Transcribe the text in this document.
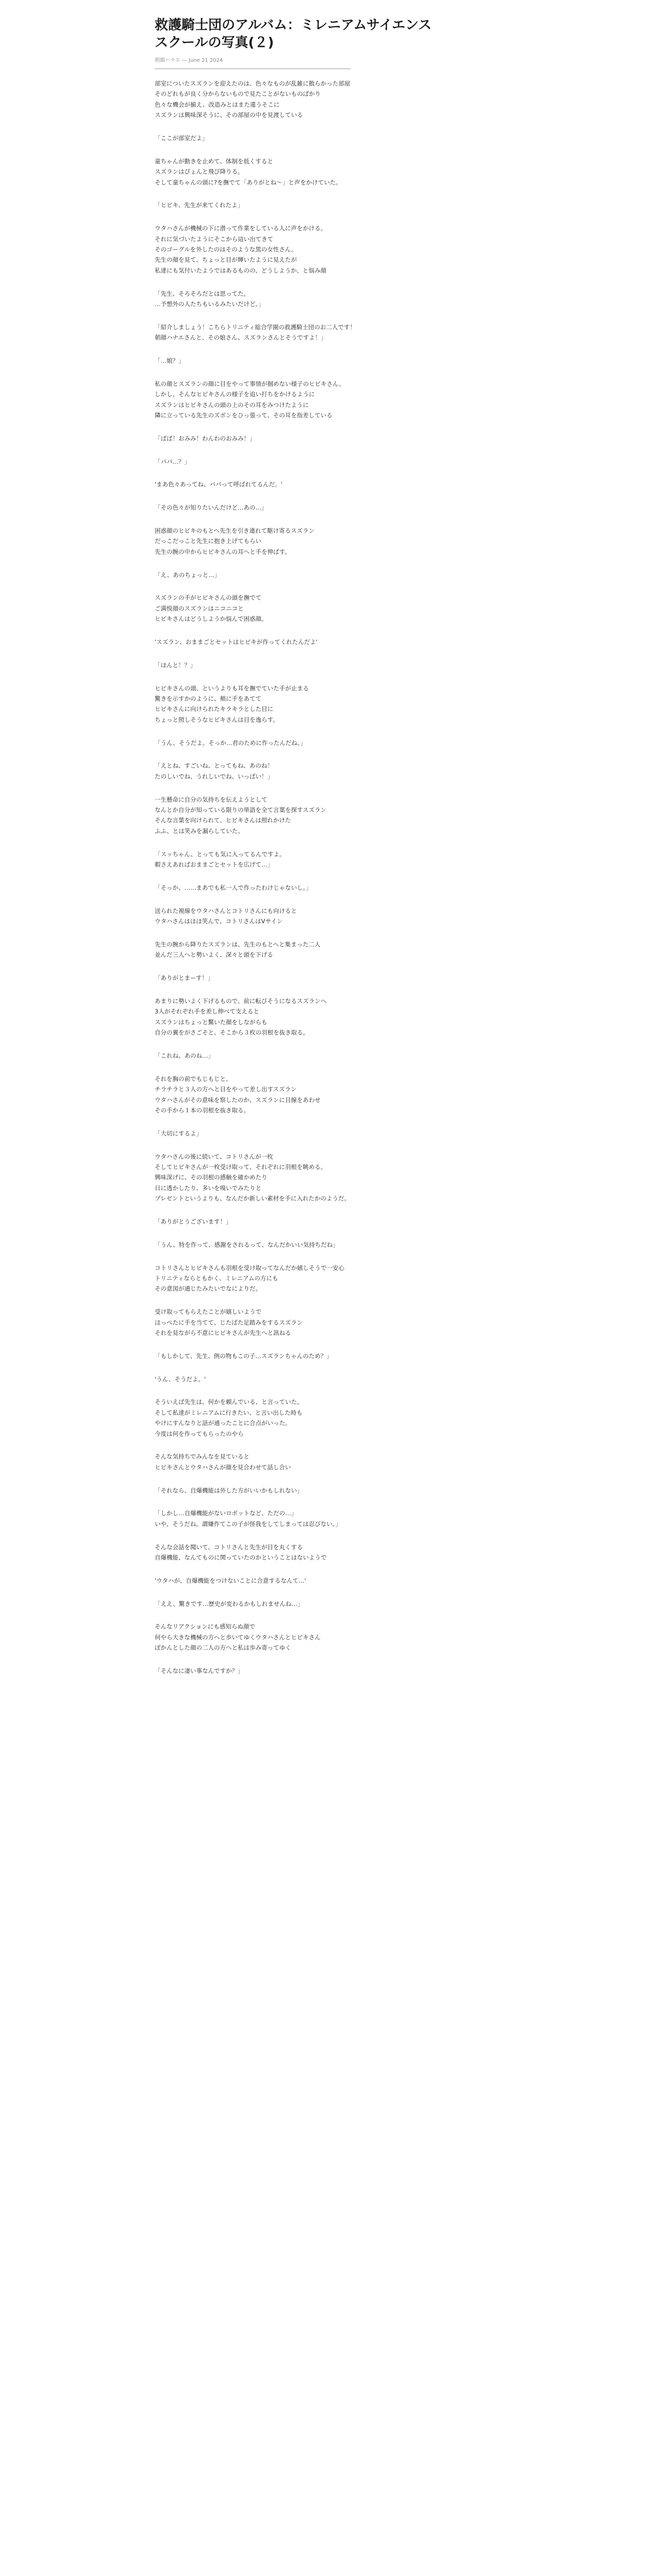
救護騎士団のアルバム：ミレニアムサイエンス
スクールの写真(２)
朝顔ハナエ — June 21 2024
部室についたスズランを迎えたのは、色々なものが乱雑に散らかった部屋
そのどれもが良く分からないもので見たことがないものばかり
色々な機会が揃え、改造みとはまた違うそこに
スズランは興味深そうに、その部屋の中を見渡している
「ここが部室だよ」
童ちゃんが動きを止めて、体制を低くすると
スズランはぴょんと飛び降りる。
そして童ちゃんの頭に?を撫でて「ありがとね～」と声をかけていた。
「ヒビキ、先生が来てくれたよ」
ウタハさんが機械の下に潜って作業をしている人に声をかける。
それに気づいたようにそこから這い出てきて
そのゴーグルを外したのはそのような黒の女性さん。
先生の顔を見て、ちょっと目が輝いたように見えたが
私達にも気付いたようではあるものの、どうしようか、と悩み顔
「先生、そろそろだとは思ってた。
…予想外の人たちもいるみたいだけど。」
「紹介しましょう！こちらトリニティ総合学園の救護騎士団のお二人です！
朝顔ハナエさんと、その娘さん、スズランさんとそうですよ！」
「…娘？」
私の顔とスズランの顔に目をやって事情が掴めない様子のヒビキさん。
しかし、そんなヒビキさんの様子を追い打ちをかけるように
スズランはヒビキさんの頭の上のその耳をみつけたように
隣に立っている先生のズボンをひっ張って、その耳を指差している
「ぱぱ！おみみ！わんわのおみみ！」
「パパ…？」
'まあ色々あってね、パパって呼ばれてるんだ。'
「その色々が知りたいんだけど…あの…」
困惑顔のヒビキのもとへ先生を引き連れて駆け寄るスズラン
だっこだっこと先生に抱き上げてもらい
先生の腕の中からヒビキさんの耳へと手を伸ばす。
「え、あのちょっと…」
スズランの手がヒビキさんの頭を撫でて
ご満悦顔のスズランはニコニコと
ヒビキさんはどうしようか悩んで困惑顔。
'スズラン、おままごとセットはヒビキが作ってくれたんだよ'
「ほんと！？」
ヒビキさんの頭、というよりも耳を撫でていた手が止まる
驚きを示すかのように、頬に手をあてて
ヒビキさんに向けられたキラキラとした目に
ちょっと照しそうなヒビキさんは目を逸らす。
「うん、そうだよ。そっか…君のために作ったんだね。」
「えとね、すごいね、とってもね、あのね！
たのしいでね、うれしいでね、いっぱい！」
一生懸命に自分の気持ちを伝えようとして
なんとか自分が知っている限りの単語を全て言葉を探すスズラン
そんな言葉を向けられて、ヒビキさんは照れかけた
ふふ、とは笑みを漏らしていた。
「スッちゃん、とっても気に入ってるんですよ。
暇さえあればおままごとセットを広げて…」
「そっか、……まあでも私一人で作ったわけじゃないし。」
送られた視線をウタハさんとコトリさんにも向けると
ウタハさんはほほ笑んで、コトリさんはVサイン
先生の腕から降りたスズランは、先生のもとへと集まった二人
並んだ三人へと勢いよく、深々と頭を下げる
「ありがとまーす！」
あまりに勢いよく下げるもので、前に転びそうになるスズランへ
3人がそれぞれ手を差し伸べて支えると
スズランはちょっと驚いた顔をしながらも
自分の翼をがさごそと、そこから３枚の羽根を抜き取る。
「これね、あのね…」
それを胸の前でもじもじと、
チラチラと３人の方へと目をやって差し出すスズラン
ウタハさんがその意味を察したのか、スズランに目線をあわせ
その手から１本の羽根を抜き取る。
「大切にするよ」
ウタハさんの後に続いて、コトリさんが一枚
そしてヒビキさんが一枚受け取って、それぞれに羽根を眺める。
興味深げに、その羽根の感触を確かめたり
日に透かしたり、多いを嗅いでみたりと
プレゼントというよりも、なんだか新しい素材を手に入れたかのようだ。
「ありがとうございます！」
「うん、特を作って、感謝をされるって、なんだかいい気持ちだね」
コトリさんとヒビキさんも羽根を受け取ってなんだか嬉しそうで一安心
トリニティならともかく、ミレニアムの方にも
その意図が通じたみたいでなによりだ。
受け取ってもらえたことが嬉しいようで
ほっぺたに手を当てて、じたばた足踏みをするスズラン
それを見ながら不意にヒビキさんが先生へと訊ねる
「もしかして、先生、例の物もこの子…スズランちゃんのため？」
'うん、そうだよ。'
そういえば先生は、何かを頼んでいる、と言っていた。
そして私達がミレニアムに行きたい、と言い出した時も
やけにすんなりと話が通ったことに合点がいった。
今度は何を作ってもらったのやら
そんな気持ちでみんなを見ていると
ヒビキさんとウタハさんが顔を見合わせて話し合い
「それなら、自爆機能は外した方がいいかもしれない」
「しかし…自爆機能がないロボットなど、ただの…」
いや、そうだね。謂嫌作てこの子が怪我をしてしまっては忍びない。」
そんな会話を聞いて、コトリさんと先生が目を丸くする
自爆機能、なんてものに関っていたのかということはないようで
'ウタハが、自爆機能をつけないことに合意するなんて…'
「ええ、驚きです…歴史が変わるかもしれませんね…」
そんなリアクションにも感知らぬ顔で
何やら大きな機械の方へと歩いてゆくウタハさんとヒビキさん
ぽかんとした顔の二人の方へと私は歩み寄ってゆく
「そんなに凄い事なんですか？」
